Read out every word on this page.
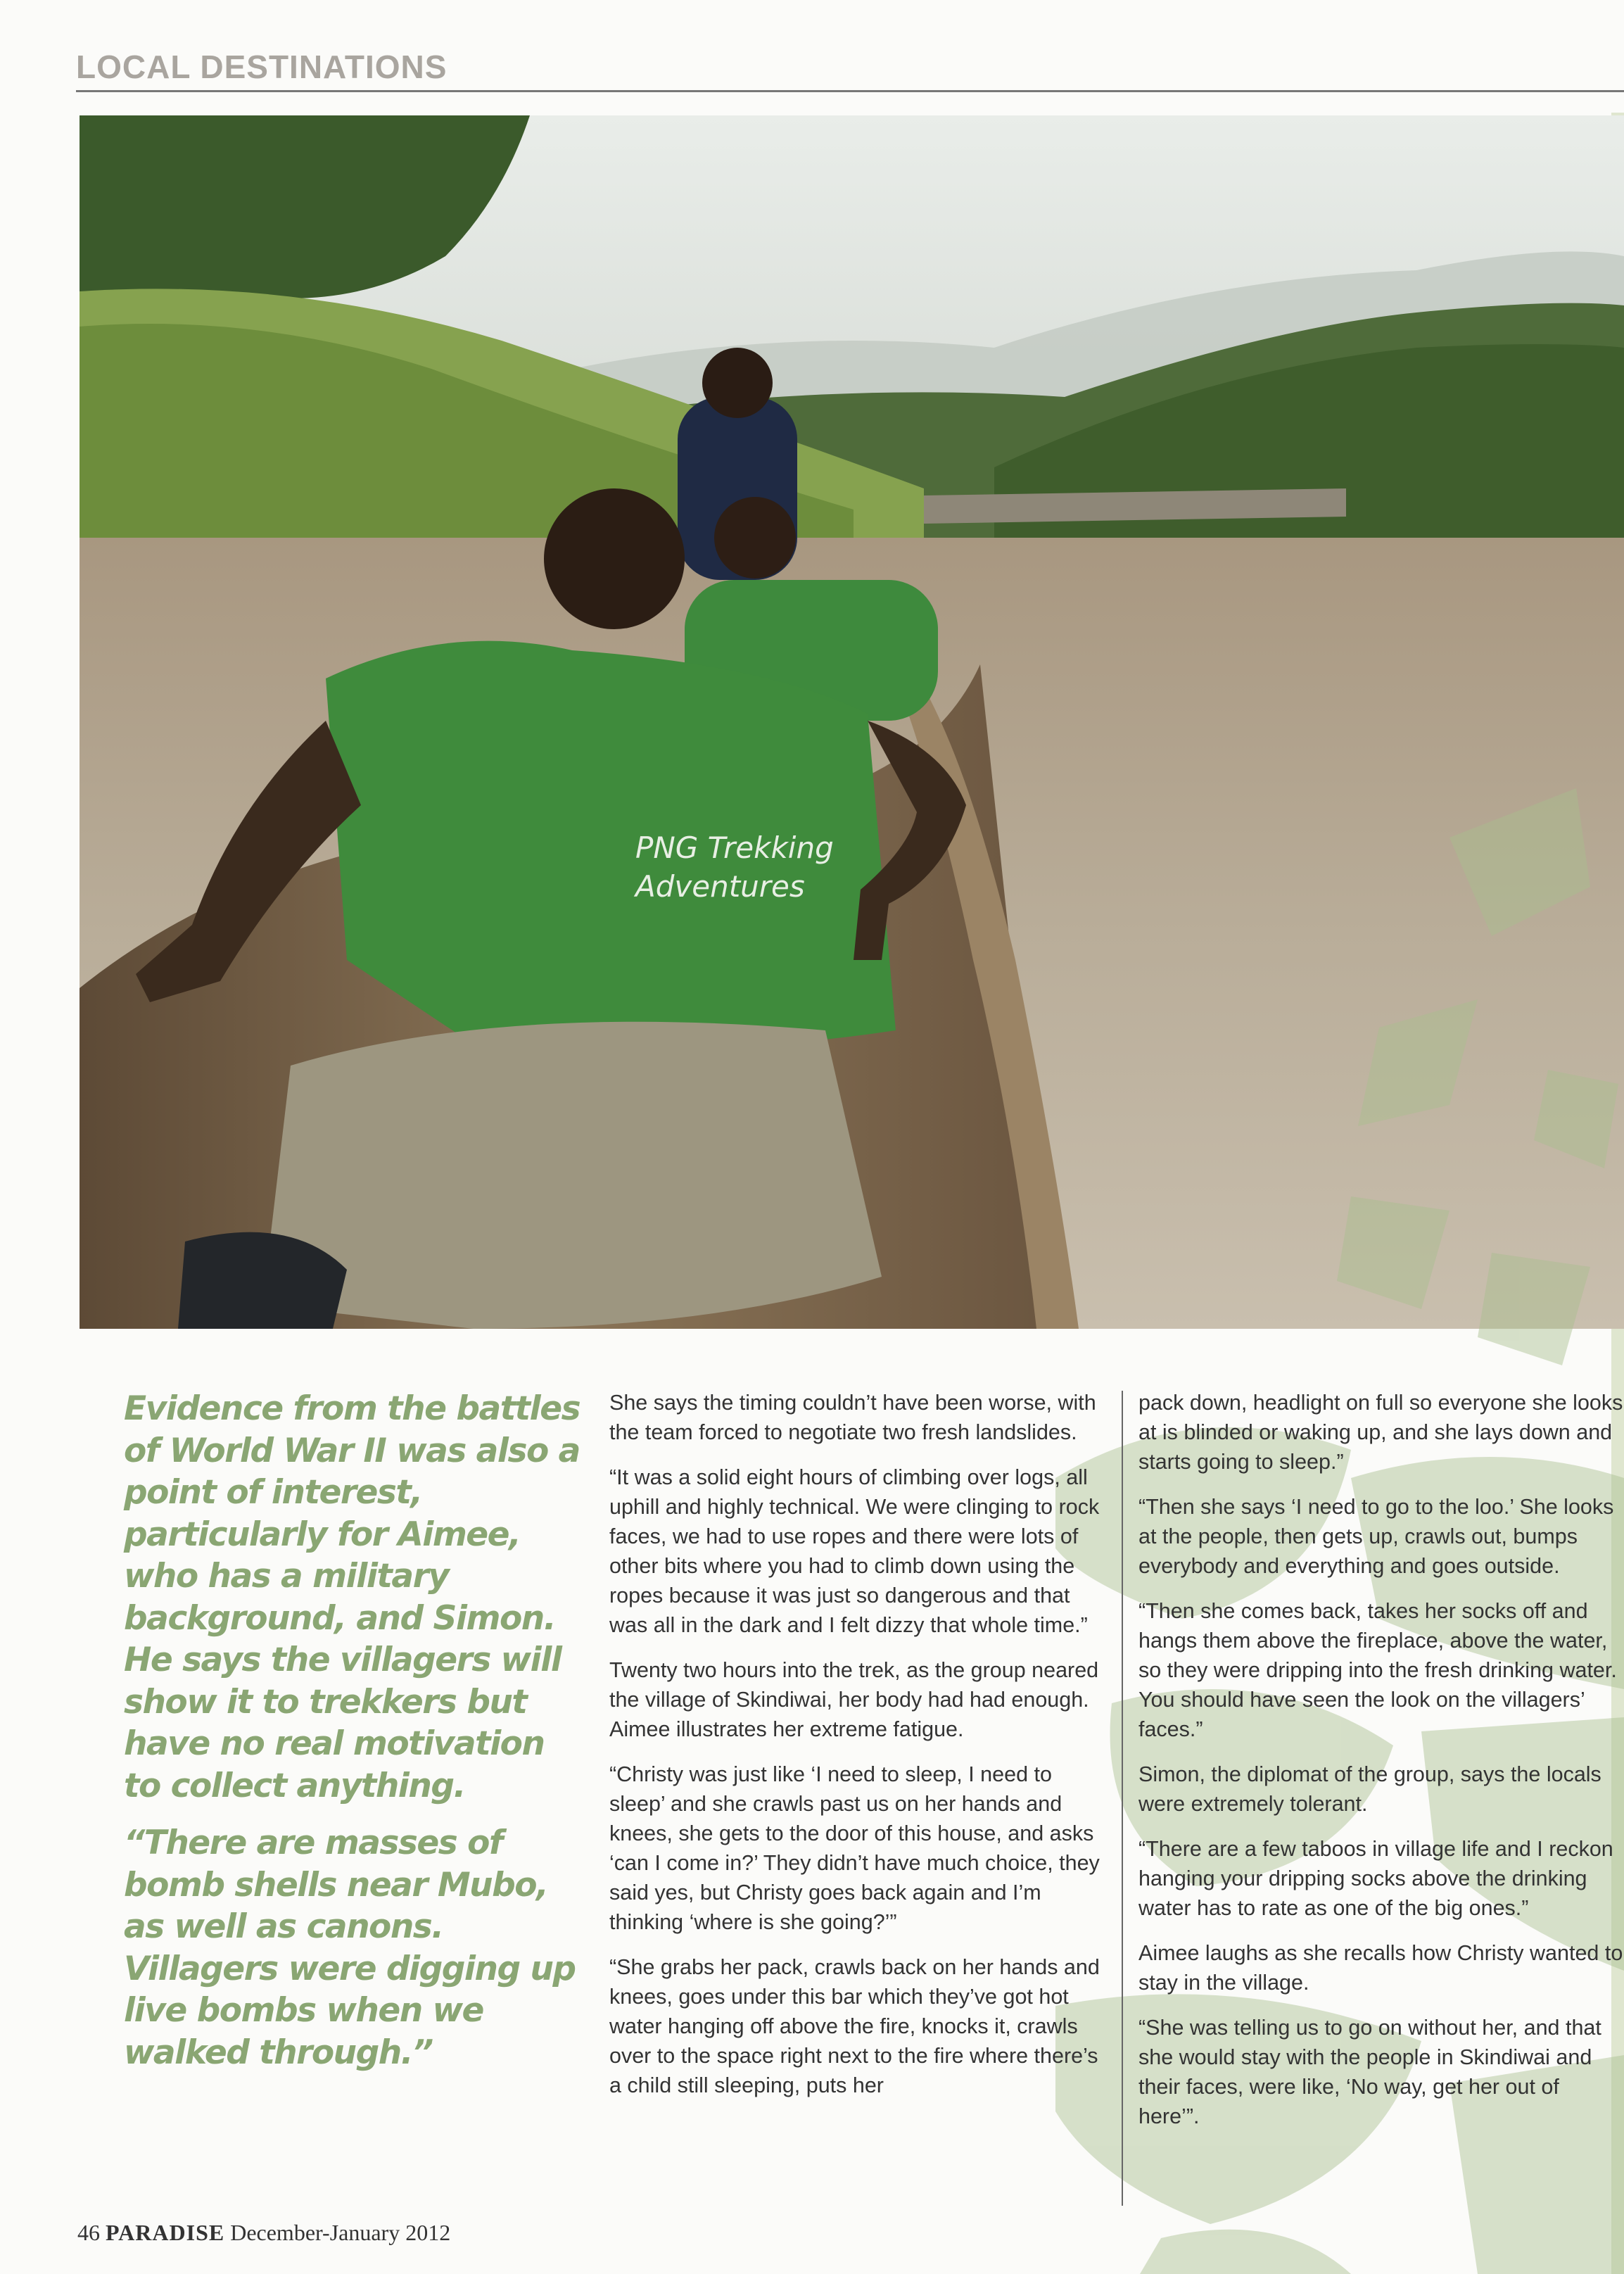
LOCAL DESTINATIONS
PNG Trekking
Adventures

Evidence from the battles of World War II was also a point of interest, particularly for Aimee, who has a military background, and Simon. He says the villagers will show it to trekkers but have no real motivation to collect anything.

“There are masses of bomb shells near Mubo, as well as canons. Villagers were digging up live bombs when we walked through.”

She says the timing couldn’t have been worse, with the team forced to negotiate two fresh landslides.

“It was a solid eight hours of climbing over logs, all uphill and highly technical. We were clinging to rock faces, we had to use ropes and there were lots of other bits where you had to climb down using the ropes because it was just so dangerous and that was all in the dark and I felt dizzy that whole time.”

Twenty two hours into the trek, as the group neared the village of Skindiwai, her body had had enough. Aimee illustrates her extreme fatigue.

“Christy was just like ‘I need to sleep, I need to sleep’ and she crawls past us on her hands and knees, she gets to the door of this house, and asks ‘can I come in?’ They didn’t have much choice, they said yes, but Christy goes back again and I’m thinking ‘where is she going?’”

“She grabs her pack, crawls back on her hands and knees, goes under this bar which they’ve got hot water hanging off above the fire, knocks it, crawls over to the space right next to the fire where there’s a child still sleeping, puts her

pack down, headlight on full so everyone she looks at is blinded or waking up, and she lays down and starts going to sleep.”

“Then she says ‘I need to go to the loo.’ She looks at the people, then gets up, crawls out, bumps everybody and everything and goes outside.

“Then she comes back, takes her socks off and hangs them above the fireplace, above the water, so they were dripping into the fresh drinking water. You should have seen the look on the villagers’ faces.”

Simon, the diplomat of the group, says the locals were extremely tolerant.

“There are a few taboos in village life and I reckon hanging your dripping socks above the drinking water has to rate as one of the big ones.”

Aimee laughs as she recalls how Christy wanted to stay in the village.

“She was telling us to go on without her, and that she would stay with the people in Skindiwai and their faces, were like, ‘No way, get her out of here’”.

46 PARADISE December-January 2012
